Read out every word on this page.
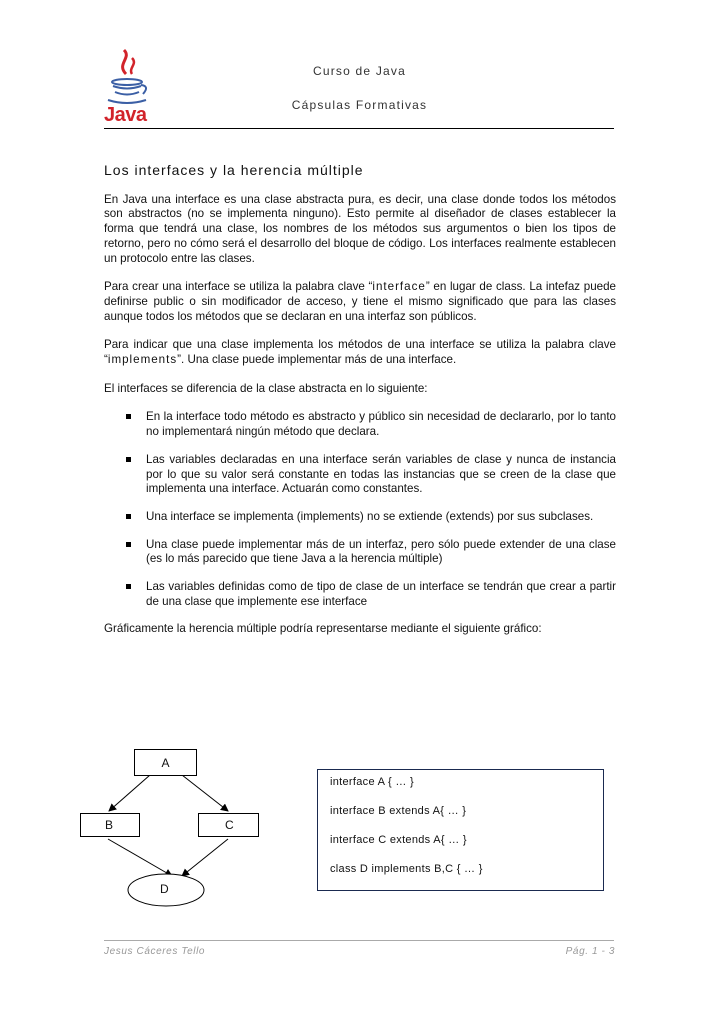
Java
Curso de Java
Cápsulas Formativas
Los interfaces y la herencia múltiple

En Java una interface es una clase abstracta pura, es decir, una clase donde todos los métodos son abstractos (no se implementa ninguno). Esto permite al diseñador de clases establecer la forma que tendrá una clase, los nombres de los métodos sus argumentos o bien los tipos de retorno, pero no cómo será el desarrollo del bloque de código. Los interfaces realmente establecen un protocolo entre las clases.

Para crear una interface se utiliza la palabra clave “interface” en lugar de class. La intefaz puede definirse public o sin modificador de acceso, y tiene el mismo significado que para las clases aunque todos los métodos que se declaran en una interfaz son públicos.

Para indicar que una clase implementa los métodos de una interface se utiliza la palabra clave “implements”. Una clase puede implementar más de una interface.

El interfaces se diferencia de la clase abstracta en lo siguiente:

En la interface todo método es abstracto y público sin necesidad de declararlo, por lo tanto no implementará ningún método que declara.
Las variables declaradas en una interface serán variables de clase y nunca de instancia por lo que su valor será constante en todas las instancias que se creen de la clase que implementa una interface. Actuarán como constantes.
Una interface se implementa (implements) no se extiende (extends) por sus subclases.
Una clase puede implementar más de un interfaz, pero sólo puede extender de una clase (es lo más parecido que tiene Java a la herencia múltiple)
Las variables definidas como de tipo de clase de un interface se tendrán que crear a partir de una clase que implemente ese interface

Gráficamente la herencia múltiple podría representarse mediante el siguiente gráfico:

A
B	C
D
interface A { … }
interface B extends A{ … }
interface C extends A{ … }
class D implements B,C { … }
Jesus Cáceres Tello	Pág. 1 - 3
